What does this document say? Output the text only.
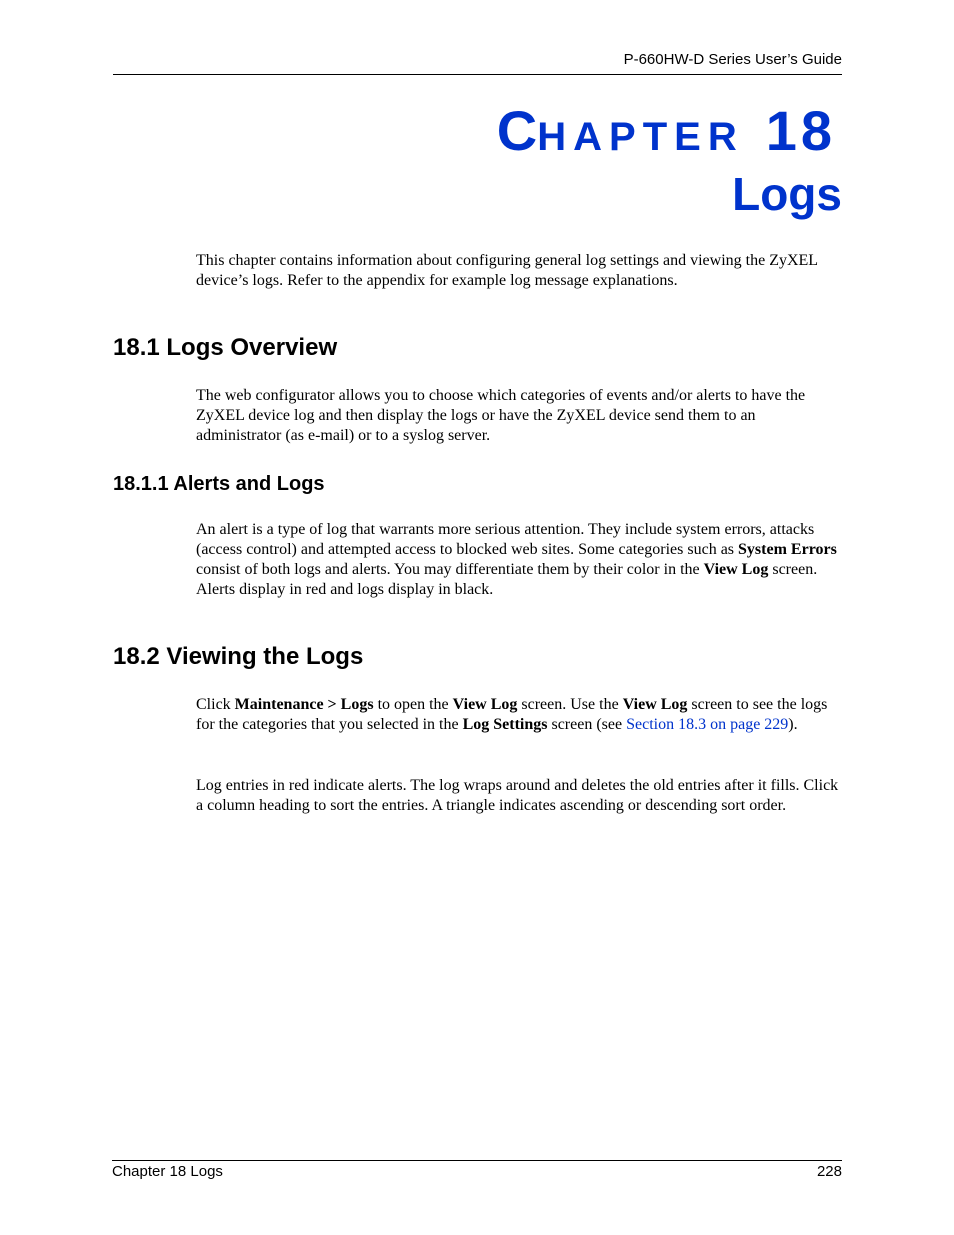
P-660HW-D Series User’s Guide
CHAPTER 18
Logs

This chapter contains information about configuring general log settings and viewing the ZyXEL device’s logs. Refer to the appendix for example log message explanations.

18.1 Logs Overview

The web configurator allows you to choose which categories of events and/or alerts to have the ZyXEL device log and then display the logs or have the ZyXEL device send them to an administrator (as e-mail) or to a syslog server.

18.1.1 Alerts and Logs

An alert is a type of log that warrants more serious attention. They include system errors, attacks (access control) and attempted access to blocked web sites. Some categories such as System Errors consist of both logs and alerts. You may differentiate them by their color in the View Log screen. Alerts display in red and logs display in black.

18.2 Viewing the Logs

Click Maintenance > Logs to open the View Log screen. Use the View Log screen to see the logs for the categories that you selected in the Log Settings screen (see Section 18.3 on page 229).

Log entries in red indicate alerts. The log wraps around and deletes the old entries after it fills. Click a column heading to sort the entries. A triangle indicates ascending or descending sort order.

Chapter 18 Logs	228
